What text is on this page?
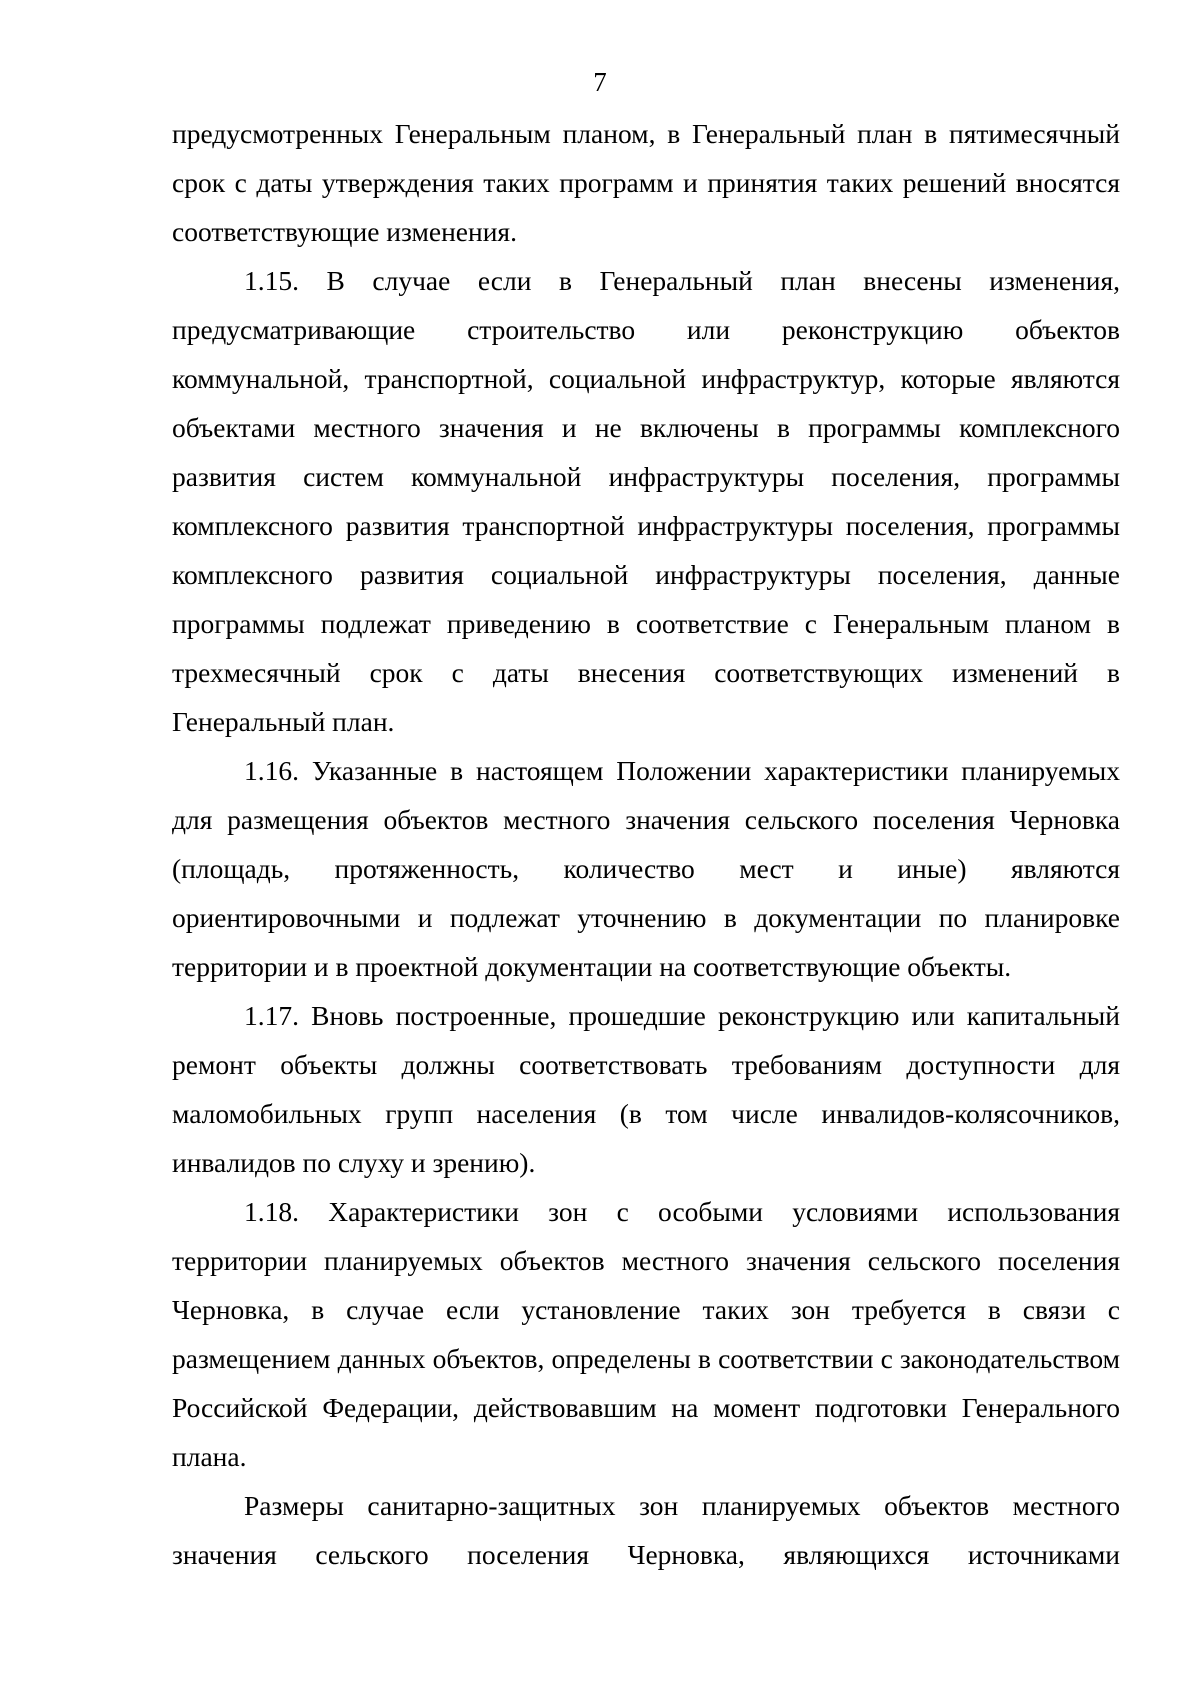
7

предусмотренных Генеральным планом, в Генеральный план в пятимесячный срок с даты утверждения таких программ и принятия таких решений вносятся соответствующие изменения.

1.15. В случае если в Генеральный план внесены изменения, предусматривающие строительство или реконструкцию объектов коммунальной, транспортной, социальной инфраструктур, которые являются объектами местного значения и не включены в программы комплексного развития систем коммунальной инфраструктуры поселения, программы комплексного развития транспортной инфраструктуры поселения, программы комплексного развития социальной инфраструктуры поселения, данные программы подлежат приведению в соответствие с Генеральным планом в трехмесячный срок с даты внесения соответствующих изменений в Генеральный план.

1.16. Указанные в настоящем Положении характеристики планируемых для размещения объектов местного значения сельского поселения Черновка (площадь, протяженность, количество мест и иные) являются ориентировочными и подлежат уточнению в документации по планировке территории и в проектной документации на соответствующие объекты.

1.17. Вновь построенные, прошедшие реконструкцию или капитальный ремонт объекты должны соответствовать требованиям доступности для маломобильных групп населения (в том числе инвалидов-колясочников, инвалидов по слуху и зрению).

1.18. Характеристики зон с особыми условиями использования территории планируемых объектов местного значения сельского поселения Черновка, в случае если установление таких зон требуется в связи с размещением данных объектов, определены в соответствии с законодательством Российской Федерации, действовавшим на момент подготовки Генерального плана.

Размеры санитарно-защитных зон планируемых объектов местного значения сельского поселения Черновка, являющихся источниками
